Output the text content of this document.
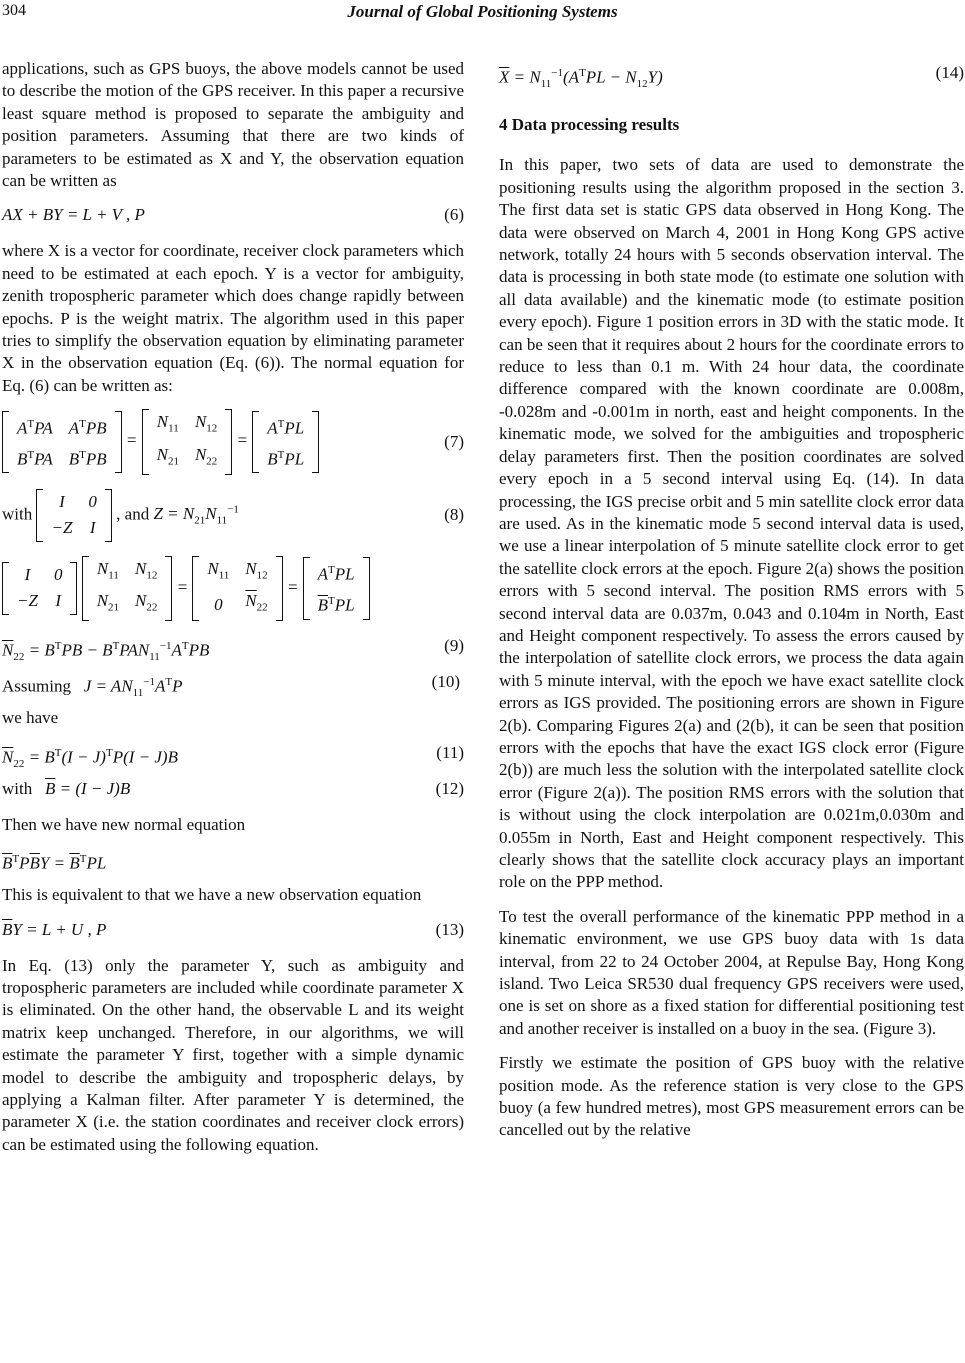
304	Journal of Global Positioning Systems

applications, such as GPS buoys, the above models cannot be used to describe the motion of the GPS receiver. In this paper a recursive least square method is proposed to separate the ambiguity and position parameters. Assuming that there are two kinds of parameters to be estimated as X and Y, the observation equation can be written as

AX + BY = L + V , P	(6)

where X is a vector for coordinate, receiver clock parameters which need to be estimated at each epoch. Y is a vector for ambiguity, zenith tropospheric parameter which does change rapidly between epochs. P is the weight matrix. The algorithm used in this paper tries to simplify the observation equation by eliminating parameter X in the observation equation (Eq. (6)). The normal equation for Eq. (6) can be written as:

$A^TPA$	$A^TPB$
$B^TPA$	$B^TPB$
=
$N_{11}$	$N_{12}$
$N_{21}$	$N_{22}$
=
$A^TPL$
$B^TPL$
(7)
with
I	0
−Z	I
, and $Z = N_{21}N_{11}^{-1}$	(8)
I	0
−Z	I

$N_{11}$	$N_{12}$
$N_{21}$	$N_{22}$
=
$N_{11}$	$N_{12}$
0	$\overline{N}_{22}$
=
$A^TPL$
$\overline{B}^TPL$
$\overline{N}_{22} = B^TPB - B^TPAN_{11}^{-1}A^TPB$	(9)
Assuming   $J = AN_{11}^{-1}A^TP$	(10)

we have

$\overline{N}_{22} = B^T(I - J)^TP(I - J)B$	(11)
with $\overline{B} = (I - J)B$	(12)

Then we have new normal equation

$\overline{B}^TP\overline{B}Y = \overline{B}^TPL$

This is equivalent to that we have a new observation equation

$\overline{B}Y = L + U$ , P	(13)

In Eq. (13) only the parameter Y, such as ambiguity and tropospheric parameters are included while coordinate parameter X is eliminated. On the other hand, the observable L and its weight matrix keep unchanged. Therefore, in our algorithms, we will estimate the parameter Y first, together with a simple dynamic model to describe the ambiguity and tropospheric delays, by applying a Kalman filter. After parameter Y is determined, the parameter X (i.e. the station coordinates and receiver clock errors) can be estimated using the following equation.

$\overline{X} = N_{11}^{-1}(A^TPL - N_{12}Y)$	(14)
4 Data processing results

In this paper, two sets of data are used to demonstrate the positioning results using the algorithm proposed in the section 3. The first data set is static GPS data observed in Hong Kong. The data were observed on March 4, 2001 in Hong Kong GPS active network, totally 24 hours with 5 seconds observation interval. The data is processing in both state mode (to estimate one solution with all data available) and the kinematic mode (to estimate position every epoch). Figure 1 position errors in 3D with the static mode. It can be seen that it requires about 2 hours for the coordinate errors to reduce to less than 0.1 m. With 24 hour data, the coordinate difference compared with the known coordinate are 0.008m, -0.028m and -0.001m in north, east and height components. In the kinematic mode, we solved for the ambiguities and tropospheric delay parameters first. Then the position coordinates are solved every epoch in a 5 second interval using Eq. (14). In data processing, the IGS precise orbit and 5 min satellite clock error data are used. As in the kinematic mode 5 second interval data is used, we use a linear interpolation of 5 minute satellite clock error to get the satellite clock errors at the epoch. Figure 2(a) shows the position errors with 5 second interval. The position RMS errors with 5 second interval data are 0.037m, 0.043 and 0.104m in North, East and Height component respectively. To assess the errors caused by the interpolation of satellite clock errors, we process the data again with 5 minute interval, with the epoch we have exact satellite clock errors as IGS provided. The positioning errors are shown in Figure 2(b). Comparing Figures 2(a) and (2(b), it can be seen that position errors with the epochs that have the exact IGS clock error (Figure 2(b)) are much less the solution with the interpolated satellite clock error (Figure 2(a)). The position RMS errors with the solution that is without using the clock interpolation are 0.021m,0.030m and 0.055m in North, East and Height component respectively. This clearly shows that the satellite clock accuracy plays an important role on the PPP method.

To test the overall performance of the kinematic PPP method in a kinematic environment, we use GPS buoy data with 1s data interval, from 22 to 24 October 2004, at Repulse Bay, Hong Kong island. Two Leica SR530 dual frequency GPS receivers were used, one is set on shore as a fixed station for differential positioning test and another receiver is installed on a buoy in the sea. (Figure 3).

Firstly we estimate the position of GPS buoy with the relative position mode. As the reference station is very close to the GPS buoy (a few hundred metres), most GPS measurement errors can be cancelled out by the relative
